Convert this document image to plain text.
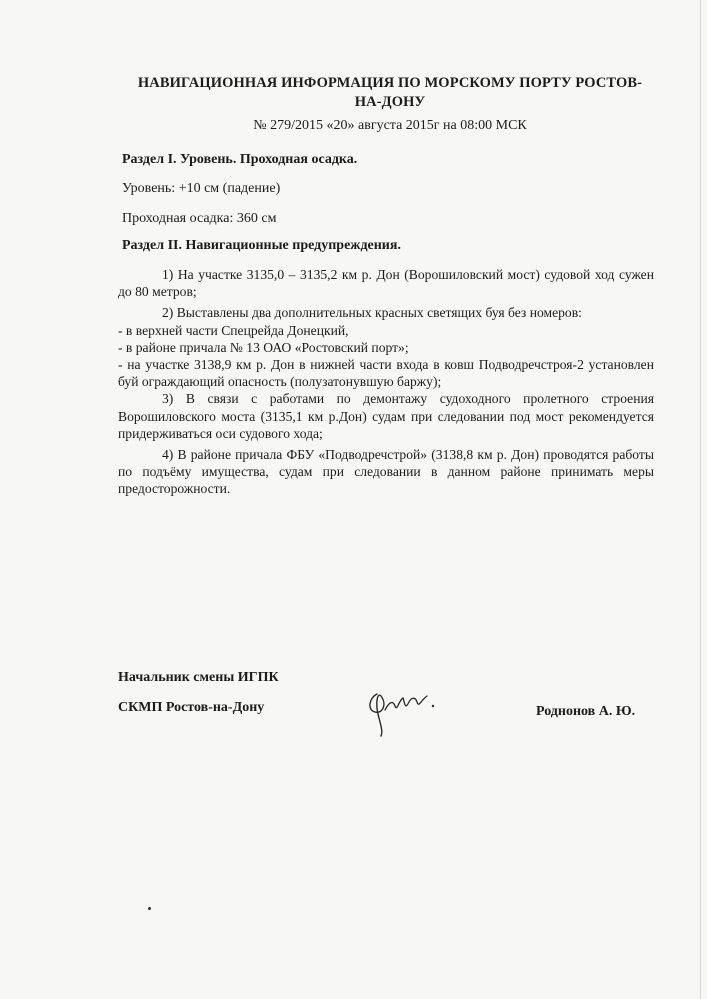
НАВИГАЦИОННАЯ ИНФОРМАЦИЯ ПО МОРСКОМУ ПОРТУ РОСТОВ-НА-ДОНУ
№ 279/2015 «20» августа 2015г на 08:00 МСК
Раздел I. Уровень. Проходная осадка.
Уровень: +10 см (падение)
Проходная осадка: 360 см
Раздел II. Навигационные предупреждения.

1) На участке 3135,0 – 3135,2 км р. Дон (Ворошиловский мост) судовой ход сужен до 80 метров;

2) Выставлены два дополнительных красных светящих буя без номеров:

- в верхней части Спецрейда Донецкий,

- в районе причала № 13 ОАО «Ростовский порт»;

- на участке 3138,9 км р. Дон в нижней части входа в ковш Подводречстроя-2 установлен буй ограждающий опасность (полузатонувшую баржу);

3) В связи с работами по демонтажу судоходного пролетного строения Ворошиловского моста (3135,1 км р.Дон) судам при следовании под мост рекомендуется придерживаться оси судового хода;

4) В районе причала ФБУ «Подводречстрой» (3138,8 км р. Дон) проводятся работы по подъёму имущества, судам при следовании в данном районе принимать меры предосторожности.

Начальник смены ИГПК
СКМП Ростов-на-Дону	Роднонов А. Ю.
